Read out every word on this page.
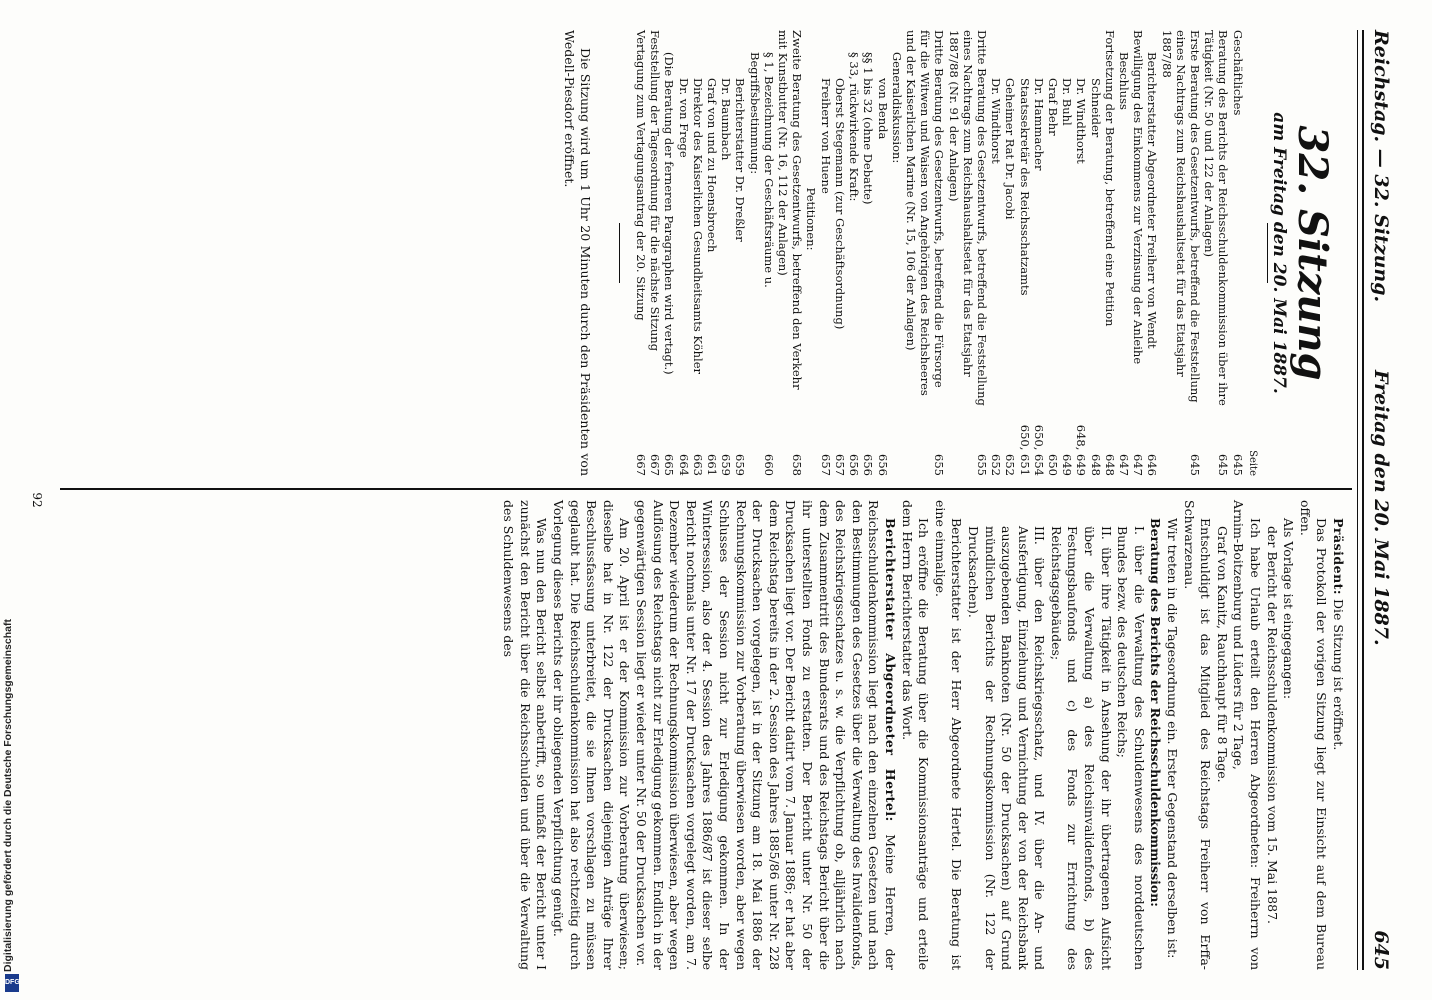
Reichstag. — 32. Sitzung.
Freitag den 20. Mai 1887.
645
32. Sitzung
am Freitag den 20. Mai 1887.
Seite
Geschäftliches
645
Beratung des Berichts der Reichsschuldenkommission über ihre Tätigkeit (Nr. 50 und 122 der Anlagen)
645
Erste Beratung des Gesetzentwurfs, betreffend die Feststellung eines Nachtrags zum Reichshaushaltsetat für das Etatsjahr 1887/88
645
Berichterstatter Abgeordneter Freiherr von Wendt
646
Bewilligung des Einkommens zur Verzinsung der Anleihe
647
Beschluss
647
Fortsetzung der Beratung, betreffend eine Petition
648
Schneider
648
Dr. Windthorst
648, 649
Dr. Buhl
649
Graf Behr
650
Dr. Hammacher
650, 654
Staatssekretär des Reichsschatzamts
650, 651
Geheimer Rat Dr. Jacobi
652
Dr. Windthorst
652
Dritte Beratung des Gesetzentwurfs, betreffend die Feststellung eines Nachtrags zum Reichshaushaltsetat für das Etatsjahr 1887/88 (Nr. 91 der Anlagen)
655
Dritte Beratung des Gesetzentwurfs, betreffend die Fürsorge für die Witwen und Waisen von Angehörigen des Reichsheeres und der Kaiserlichen Marine (Nr. 15, 106 der Anlagen)
655
Generaldiskussion:
von Benda
656
§§ 1 bis 32 (ohne Debatte)
656
§ 33, rückwirkende Kraft:
656
Oberst Stegemann (zur Geschäftsordnung)
657
Freiherr von Huene
657
Petitionen:
Zweite Beratung des Gesetzentwurfs, betreffend den Verkehr mit Kunstbutter (Nr. 16, 112 der Anlagen)
658
§ 1, Bezeichnung der Geschäftsräume u. Begriffsbestimmung:
660
Berichterstatter Dr. Dreßler
659
Dr. Baumbach
659
Graf von und zu Hoensbroech
661
Direktor des Kaiserlichen Gesundheitsamts Köhler
663
Dr. von Frege
664
(Die Beratung der ferneren Paragraphen wird vertagt.)
665
Feststellung der Tagesordnung für die nächste Sitzung
667
Vertagung zum Vertagungsantrag der 20. Sitzung
667
Die Sitzung wird um 1 Uhr 20 Minuten durch den Präsidenten von Wedell-Piesdorf eröffnet.

Präsident: Die Sitzung ist eröffnet.

Das Protokoll der vorigen Sitzung liegt zur Einsicht auf dem Bureau offen.

Als Vorlage ist eingegangen:

der Bericht der Reichsschuldenkommission vom 15. Mai 1887.

Ich habe Urlaub erteilt den Herren Abgeordneten: Freiherrn von Arnim-Boitzenburg und Lüders für 2 Tage,

Graf von Kanitz, Rauchhaupt für 8 Tage.

Entschuldigt ist das Mitglied des Reichstags Freiherr von Erffa-Schwarzenau.

Wir treten in die Tagesordnung ein. Erster Gegenstand derselben ist:

Beratung des Berichts der Reichsschuldenkommission:

I. über die Verwaltung des Schuldenwesens des norddeutschen Bundes bezw. des deutschen Reichs;

II. über ihre Tätigkeit in Ansehung der ihr übertragenen Aufsicht über die Verwaltung a) des Reichsinvalidenfonds, b) des Festungsbaufonds und c) des Fonds zur Errichtung des Reichstagsgebäudes;

III. über den Reichskriegsschatz, und IV. über die An- und Ausfertigung, Einziehung und Vernichtung der von der Reichsbank auszugebenden Banknoten (Nr. 50 der Drucksachen) auf Grund mündlichen Berichts der Rechnungskommission (Nr. 122 der Drucksachen).

Berichterstatter ist der Herr Abgeordnete Hertel. Die Beratung ist eine einmalige.

Ich eröffne die Beratung über die Kommissionsanträge und erteile dem Herrn Berichterstatter das Wort.

Berichterstatter Abgeordneter Hertel: Meine Herren, der Reichsschuldenkommission liegt nach den einzelnen Gesetzen und nach den Bestimmungen des Gesetzes über die Verwaltung des Invalidenfonds, des Reichskriegsschatzes u. s. w. die Verpflichtung ob, alljährlich nach dem Zusammentritt des Bundesrats und des Reichstags Bericht über die ihr unterstellten Fonds zu erstatten. Der Bericht unter Nr. 50 der Drucksachen liegt vor. Der Bericht datirt vom 7. Januar 1886; er hat aber dem Reichstag bereits in der 2. Session des Jahres 1885/86 unter Nr. 228 der Drucksachen vorgelegen, ist in der Sitzung am 18. Mai 1886 der Rechnungskommission zur Vorberatung überwiesen worden, aber wegen Schlusses der Session nicht zur Erledigung gekommen. In der Wintersession, also der 4. Session des Jahres 1886/87 ist dieser selbe Bericht nochmals unter Nr. 17 der Drucksachen vorgelegt worden, am 7. Dezember wiederum der Rechnungskommission überwiesen, aber wegen Auflösung des Reichstags nicht zur Erledigung gekommen. Endlich in der gegenwärtigen Session liegt er wieder unter Nr. 50 der Drucksachen vor.

Am 20. April ist er der Kommission zur Vorberatung überwiesen; dieselbe hat in Nr. 122 der Drucksachen diejenigen Anträge Ihrer Beschlussfassung unterbreitet, die sie Ihnen vorschlagen zu müssen geglaubt hat. Die Reichsschuldenkommission hat also rechtzeitig durch Vorlegung dieses Berichts der ihr obliegenden Verpflichtung genügt.

Was nun den Bericht selbst anbetrifft, so umfaßt der Bericht unter I zunächst den Bericht über die Reichsschulden und über die Verwaltung des Schuldenwesens des

92
Digitalisierung gefördert durch die Deutsche Forschungsgemeinschaft
DFG
